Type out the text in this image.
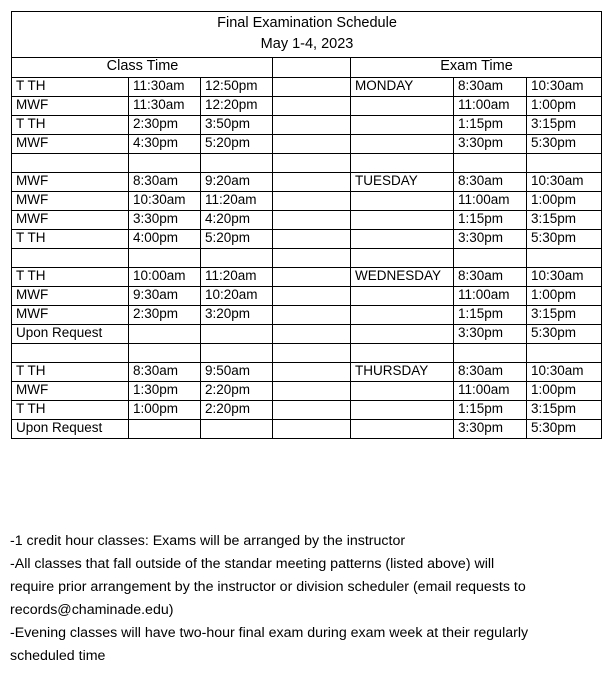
Final Examination Schedule
May 1-4, 2023						

Class Time				Exam Time		
T TH	11:30am	12:50pm		MONDAY	8:30am	10:30am
MWF	11:30am	12:20pm			11:00am	1:00pm
T TH	2:30pm	3:50pm			1:15pm	3:15pm
MWF	4:30pm	5:20pm			3:30pm	5:30pm

MWF	8:30am	9:20am		TUESDAY	8:30am	10:30am
MWF	10:30am	11:20am			11:00am	1:00pm
MWF	3:30pm	4:20pm			1:15pm	3:15pm
T TH	4:00pm	5:20pm			3:30pm	5:30pm

T TH	10:00am	11:20am		WEDNESDAY	8:30am	10:30am
MWF	9:30am	10:20am			11:00am	1:00pm
MWF	2:30pm	3:20pm			1:15pm	3:15pm
Upon Request					3:30pm	5:30pm

T TH	8:30am	9:50am		THURSDAY	8:30am	10:30am
MWF	1:30pm	2:20pm			11:00am	1:00pm
T TH	1:00pm	2:20pm			1:15pm	3:15pm
Upon Request					3:30pm	5:30pm

-1 credit hour classes: Exams will be arranged by the instructor

-All classes that fall outside of the standar meeting patterns (listed above) will

require prior arrangement by the instructor or division scheduler (email requests to

records@chaminade.edu)

-Evening classes will have two-hour final exam during exam week at their regularly

scheduled time
